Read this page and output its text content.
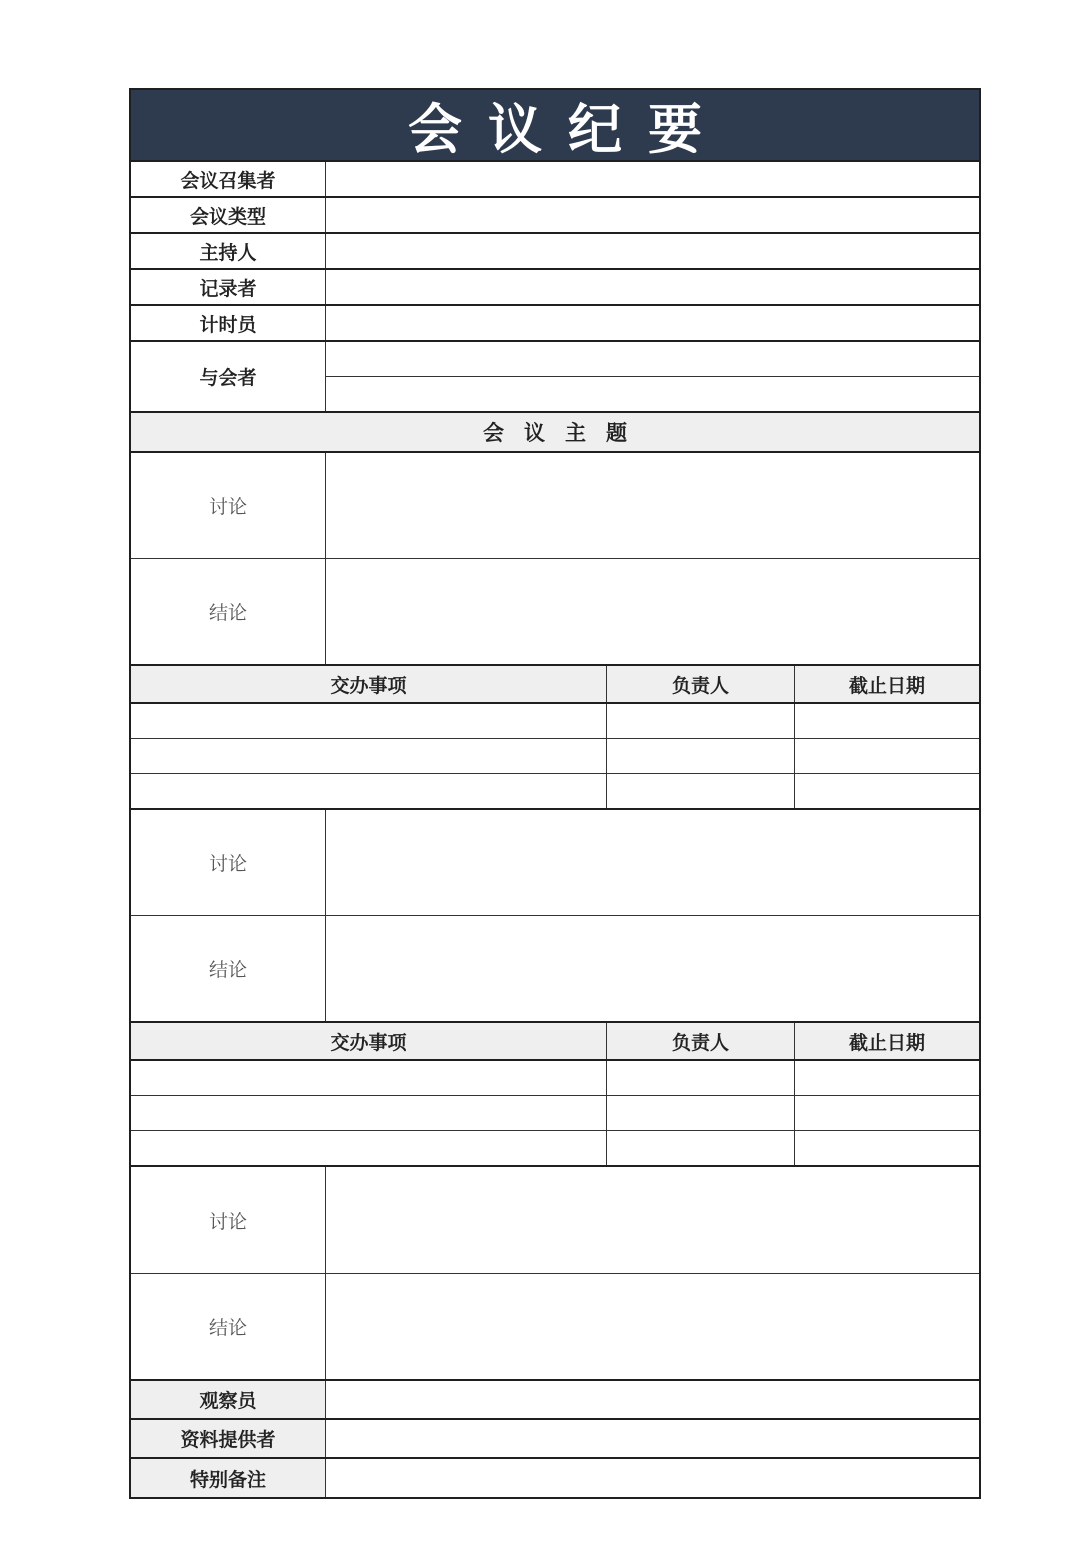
会议纪要
会议召集者
会议类型
主持人
记录者
计时员
与会者
会议主题
讨论
结论
交办事项	负责人	截止日期
讨论
结论
交办事项	负责人	截止日期
讨论
结论
观察员
资料提供者
特别备注
